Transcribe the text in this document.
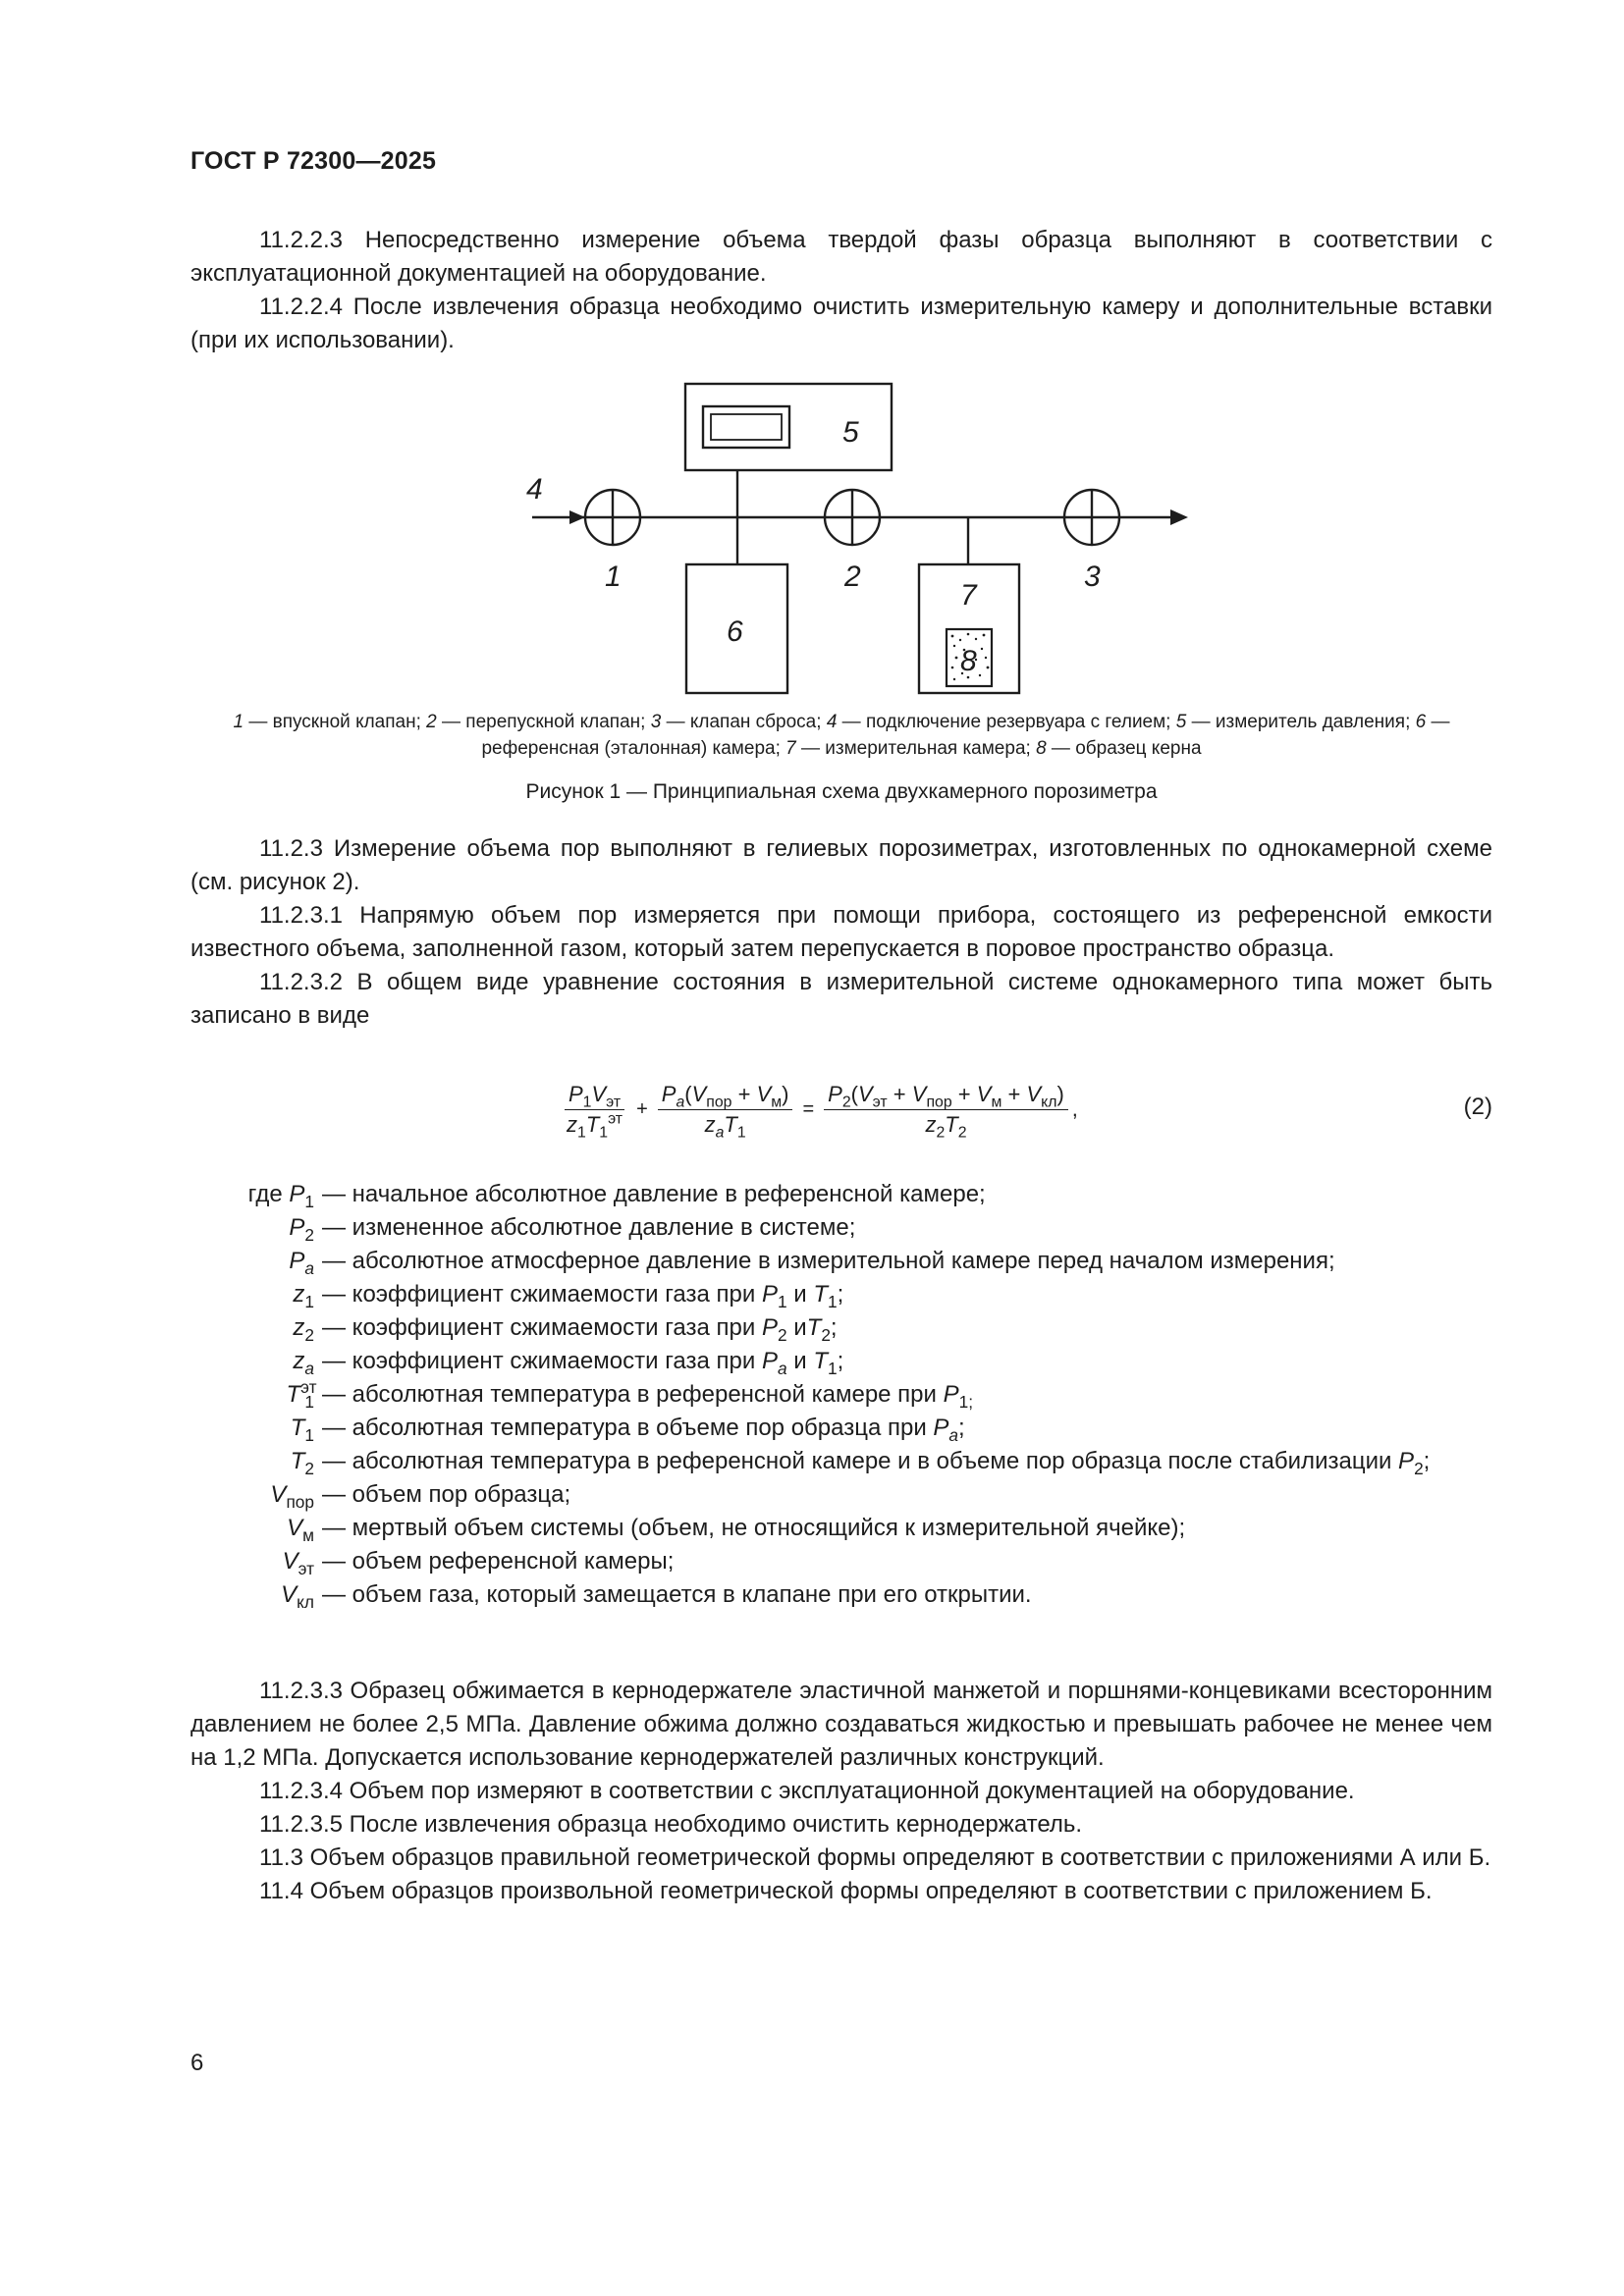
ГОСТ Р 72300—2025

11.2.2.3 Непосредственно измерение объема твердой фазы образца выполняют в соответствии с эксплуатационной документацией на оборудование.

11.2.2.4 После извлечения образца необходимо очистить измерительную камеру и дополнительные вставки (при их использовании).

5
4
1	2	3
6
7
8
1 — впускной клапан; 2 — перепускной клапан; 3 — клапан сброса; 4 — подключение резервуара с гелием; 5 — измеритель давления; 6 — референсная (эталонная) камера; 7 — измерительная камера; 8 — образец керна
Рисунок 1 — Принципиальная схема двухкамерного порозиметра

11.2.3 Измерение объема пор выполняют в гелиевых порозиметрах, изготовленных по однокамерной схеме (см. рисунок 2).

11.2.3.1 Напрямую объем пор измеряется при помощи прибора, состоящего из референсной емкости известного объема, заполненной газом, который затем перепускается в поровое пространство образца.

11.2.3.2 В общем виде уравнение состояния в измерительной системе однокамерного типа может быть записано в виде

$\frac{P_1V_{эт}}{z_1T_1^{эт}} + \frac{P_a(V_{пор} + V_м)}{z_aT_1} = \frac{P_2(V_{эт} + V_{пор} + V_м + V_{кл})}{z_2T_2}$ ,	(2)
где $P_1$ — начальное абсолютное давление в референсной камере;
$P_2$ — измененное абсолютное давление в системе;
$P_a$ — абсолютное атмосферное давление в измерительной камере перед началом измерения;
$z_1$ — коэффициент сжимаемости газа при $P_1$ и $T_1$;
$z_2$ — коэффициент сжимаемости газа при $P_2$ $иT_2$;
$z_a$ — коэффициент сжимаемости газа при $P_a$ и $T_1$;
$T^{эт}_1$ — абсолютная температура в референсной камере при $P_{1;}$
$T_1$ — абсолютная температура в объеме пор образца при $P_a$;
$T_2$ — абсолютная температура в референсной камере и в объеме пор образца после стабилизации $P_2$;
$V_{пор}$ — объем пор образца;
$V_м$ — мертвый объем системы (объем, не относящийся к измерительной ячейке);
$V_{эт}$ — объем референсной камеры;
$V_{кл}$ — объем газа, который замещается в клапане при его открытии.

11.2.3.3 Образец обжимается в кернодержателе эластичной манжетой и поршнями-концевиками всесторонним давлением не более 2,5 МПа. Давление обжима должно создаваться жидкостью и превышать рабочее не менее чем на 1,2 МПа. Допускается использование кернодержателей различных конструкций.

11.2.3.4 Объем пор измеряют в соответствии с эксплуатационной документацией на оборудование.

11.2.3.5 После извлечения образца необходимо очистить кернодержатель.

11.3 Объем образцов правильной геометрической формы определяют в соответствии с приложениями А или Б.

11.4 Объем образцов произвольной геометрической формы определяют в соответствии с приложением Б.

6
